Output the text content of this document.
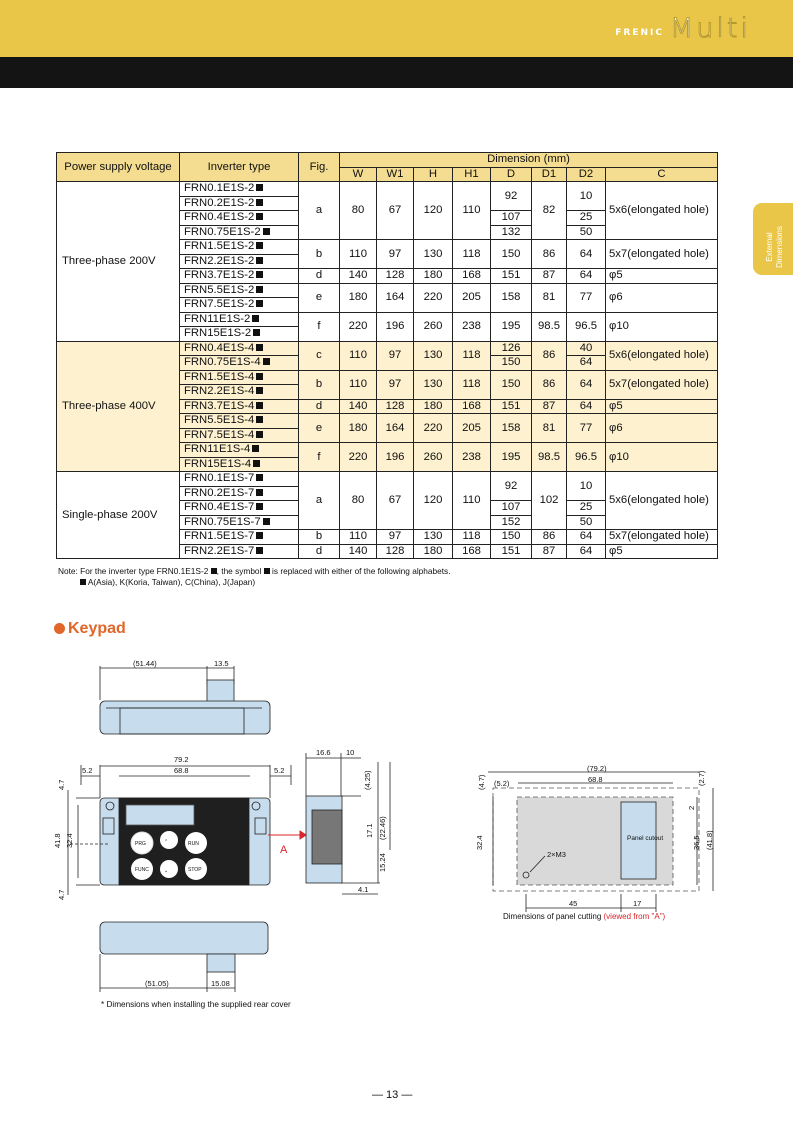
FRENIC Multi
External Dimensions
Power supply voltage	Inverter type	Fig.	Dimension (mm)							
			W	W1	H	H1	D	D1	D2	C
Three-phase 200V	FRN0.1E1S-2	a	80	67	120	110	92	82	10	5x6(elongated hole)
	FRN0.2E1S-2									
	FRN0.4E1S-2						107		25	
	FRN0.75E1S-2						132		50	
	FRN1.5E1S-2	b	110	97	130	118	150	86	64	5x7(elongated hole)
	FRN2.2E1S-2									
	FRN3.7E1S-2	d	140	128	180	168	151	87	64	φ5
	FRN5.5E1S-2	e	180	164	220	205	158	81	77	φ6
	FRN7.5E1S-2									
	FRN11E1S-2	f	220	196	260	238	195	98.5	96.5	φ10
	FRN15E1S-2									
Three-phase 400V	FRN0.4E1S-4	c	110	97	130	118	126	86	40	5x6(elongated hole)
	FRN0.75E1S-4						150		64	
	FRN1.5E1S-4	b	110	97	130	118	150	86	64	5x7(elongated hole)
	FRN2.2E1S-4									
	FRN3.7E1S-4	d	140	128	180	168	151	87	64	φ5
	FRN5.5E1S-4	e	180	164	220	205	158	81	77	φ6
	FRN7.5E1S-4									
	FRN11E1S-4	f	220	196	260	238	195	98.5	96.5	φ10
	FRN15E1S-4									
Single-phase 200V	FRN0.1E1S-7	a	80	67	120	110	92	102	10	5x6(elongated hole)
	FRN0.2E1S-7									
	FRN0.4E1S-7						107		25	
	FRN0.75E1S-7						152		50	
	FRN1.5E1S-7	b	110	97	130	118	150	86	64	5x7(elongated hole)
	FRN2.2E1S-7	d	140	128	180	168	151	87	64	φ5
Note: For the inverter type FRN0.1E1S-2 , the symbol is replaced with either of the following alphabets.
A(Asia), K(Koria, Taiwan), C(China), J(Japan)
Keypad
(51.44)	13.5
PRG	⌃	RUN
FUNC	⌄	STOP
79.2
68.8
5.2	5.2
4.7
41.8 32.4
4.7
A
16.6 10
(4.25)
17.1 (22.46)
15.24
4.1
(51.05)	15.08
(79.2)
68.8
(5.2)
(4.7)	(2.7)
32.4
2
36.5 (41.8)
45	17
2×M3
Panel cutout
Dimensions of panel cutting (viewed from "A")
* Dimensions when installing the supplied rear cover
— 13 —
